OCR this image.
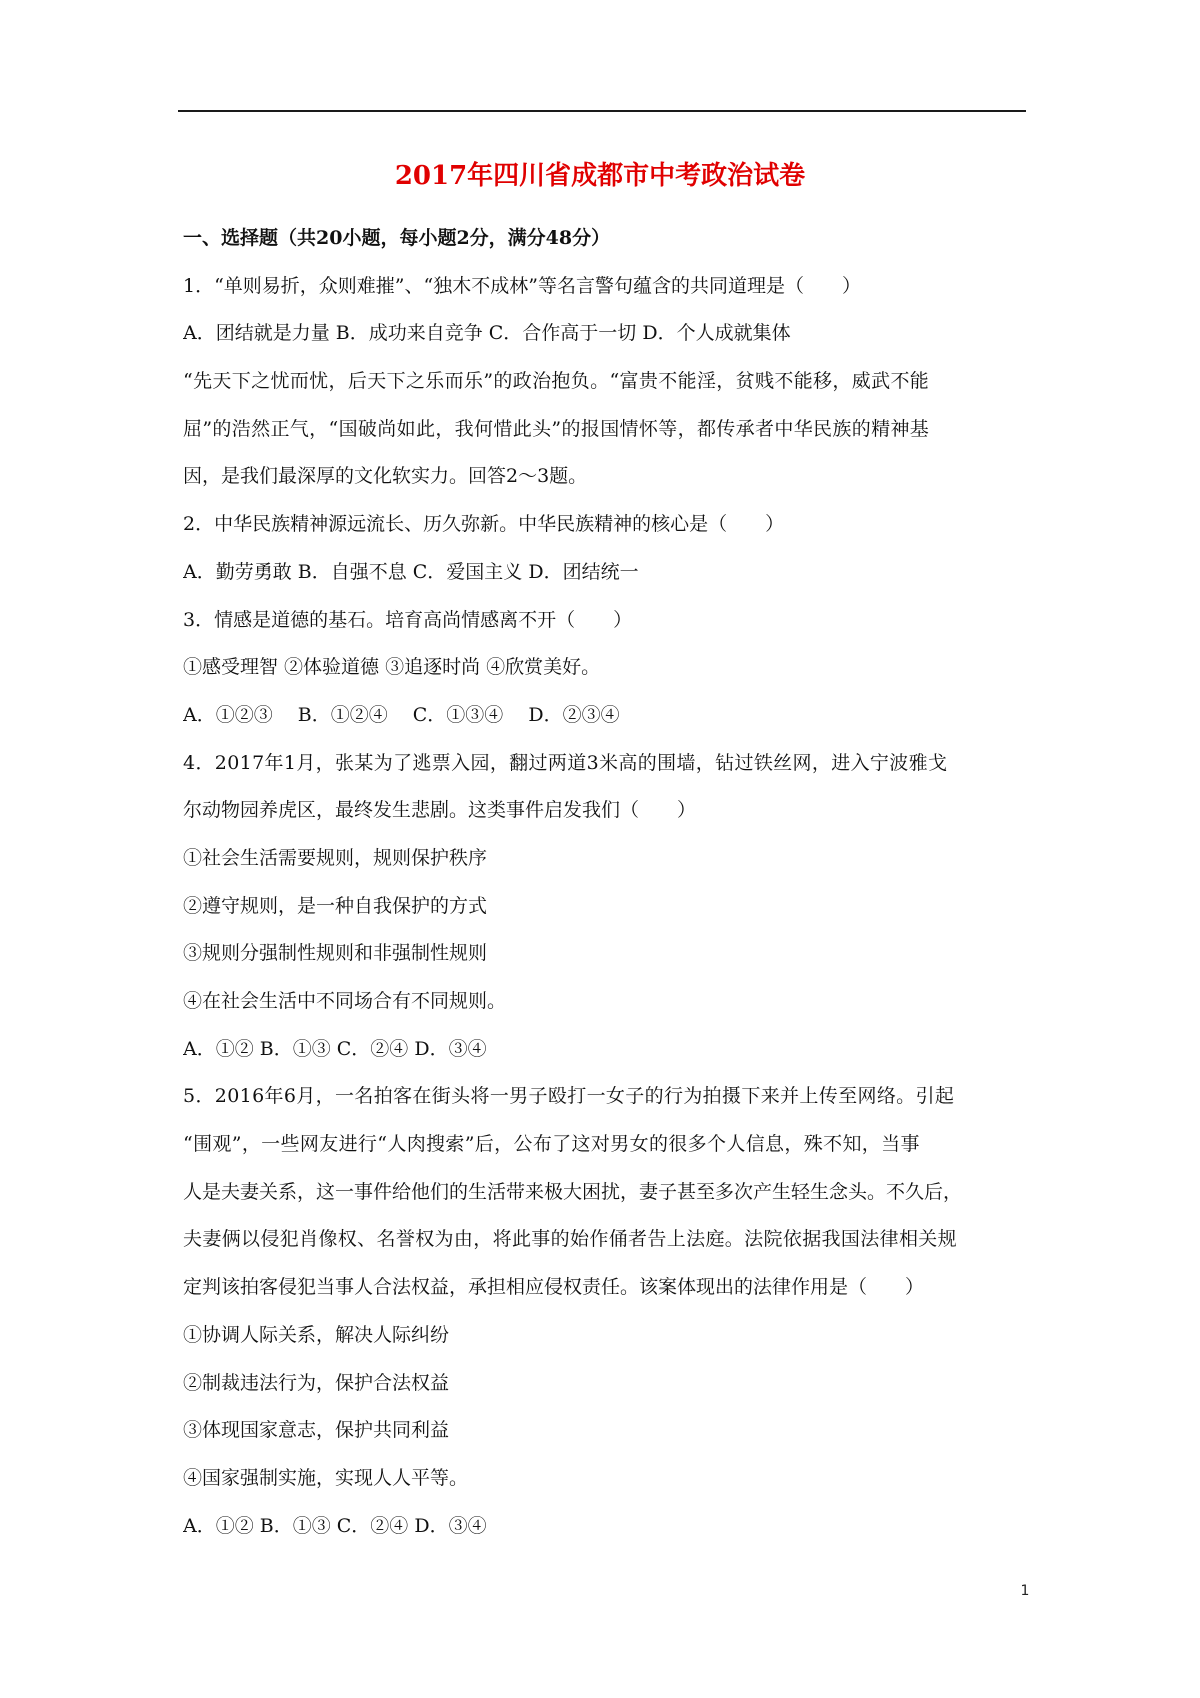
2017年四川省成都市中考政治试卷
一、选择题（共20小题，每小题2分，满分48分）
1．“单则易折，众则难摧”、“独木不成林”等名言警句蕴含的共同道理是（　　）
A．团结就是力量 B．成功来自竞争 C．合作高于一切 D．个人成就集体
“先天下之忧而忧，后天下之乐而乐”的政治抱负。“富贵不能淫，贫贱不能移，威武不能
屈”的浩然正气，“国破尚如此，我何惜此头”的报国情怀等，都传承者中华民族的精神基
因，是我们最深厚的文化软实力。回答2～3题。
2．中华民族精神源远流长、历久弥新。中华民族精神的核心是（　　）
A．勤劳勇敢 B．自强不息 C．爱国主义 D．团结统一
3．情感是道德的基石。培育高尚情感离不开（　　）
①感受理智 ②体验道德 ③追逐时尚 ④欣赏美好。
A．①②③　 B．①②④　 C．①③④　 D．②③④
4．2017年1月，张某为了逃票入园，翻过两道3米高的围墙，钻过铁丝网，进入宁波雅戈
尔动物园养虎区，最终发生悲剧。这类事件启发我们（　　）
①社会生活需要规则，规则保护秩序
②遵守规则，是一种自我保护的方式
③规则分强制性规则和非强制性规则
④在社会生活中不同场合有不同规则。
A．①② B．①③ C．②④ D．③④
5．2016年6月，一名拍客在街头将一男子殴打一女子的行为拍摄下来并上传至网络。引起
“围观”，一些网友进行“人肉搜索”后，公布了这对男女的很多个人信息，殊不知，当事
人是夫妻关系，这一事件给他们的生活带来极大困扰，妻子甚至多次产生轻生念头。不久后，
夫妻俩以侵犯肖像权、名誉权为由，将此事的始作俑者告上法庭。法院依据我国法律相关规
定判该拍客侵犯当事人合法权益，承担相应侵权责任。该案体现出的法律作用是（　　）
①协调人际关系，解决人际纠纷
②制裁违法行为，保护合法权益
③体现国家意志，保护共同利益
④国家强制实施，实现人人平等。
A．①② B．①③ C．②④ D．③④
1
